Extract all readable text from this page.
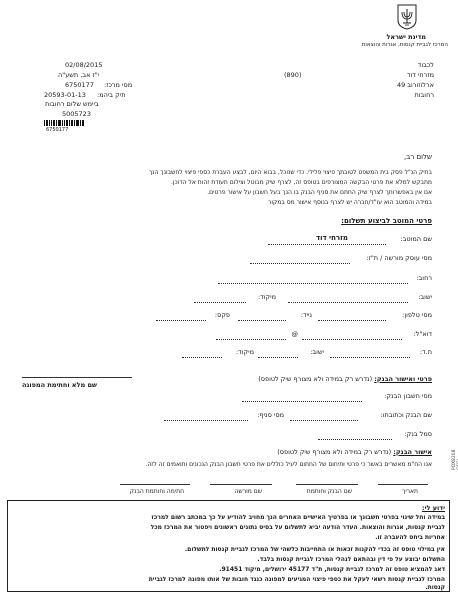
מדינת ישראל
המרכז לגביית קנסות, אגרות והוצאות
02/08/2015
י"ז אב, תשע"ה
6750177 מסי מרכז:
20593-01-13 תיק ביהמ:
ביימש שלום רחובות
5005723
6750177
לכבוד
מזרחי דוד
ארלוזורוב 49
רחובות
(890)
שלום רב,
בתיק הנ"ל פסק בית המשפט לטובתך פיצוי פלילי. כדי שנוכל, בבוא היום, לבצע העברת כספי פיצוי לחשבונך הנך
מתבקש למלא את פרטי הבקשה המצורפים בטופס זה, לצרף שיק מבוטל וצילום תעודת זהות אל הדוכן.
אם אין באפשרותך לצרף שיק החתם את סניף הבנק בו הנך בעל חשבון על אישור פרטים.
במידה והמוטב הוא עו"ד/חברה יש לצרף בנוסף אישור מס במקור
פרטי המוטב לביצוע תשלום:
שם המוטב:
מזרחי דוד
מסי עוסק מורשה / ת"ז:
רחוב:
ישוב:
מיקוד:
מסי טלפון:
נייד:
פקס:
דוא"ל:
@
ת.ד:
ישוב:
מיקוד:
שם מלא וחתימת המפונה
פרטי ואישור הבנק: (נדרש רק במידה ולא מצורף שיק לטופס)
מסי חשבון הבנק:
שם הבנק וכתובתו:
מסי סניף:
סמל בנק:
אישור הבנק: (נדרש רק במידה ולא מצורף שיק לטופס)
אנו הח"מ מאשרים באשר כי פרטי ותיחום של החתום לעיל כוללים את פרטי חשבון הבנק הנכונים ותואמים זה לזה.
תאריך
שם הבנק וחותמת
שם מורשה
חתימה וחותמת הבנק
ידוע לי:
במידה וחל שינוי בפרטי חשבונך או בפרטיך האישיים האחרים הנך מחויב להודיע על כך במכתב רשום למרכז
לגביית קנסות, אגרות והוצאות. העדר הודעה יביא לתשלום על בסיס נתונים ראשונים ויפטור את המרכז מכל
אחריות ביחס להעברה זו.
אין במילוי טופס זה בכדי להקנות זכאות או התחייבות כלשהי של המרכז לגביית קנסות לתשלום.
התשלום יבוצע על פי דין ובהתאם לנהלי המרכז לגביית קנסות בלבד.
דאג להמציא טופס זה למרכז לגביית קנסות, ת"ד 45177 ירושלים, מיקוד 91451.
המרכז לגביית קנסות רשאי לעקל את כספי פיצוי המגיעים למפונה כנגד חובות של אותו מפונה למרכז לגביית
קנסות.
POX8208
